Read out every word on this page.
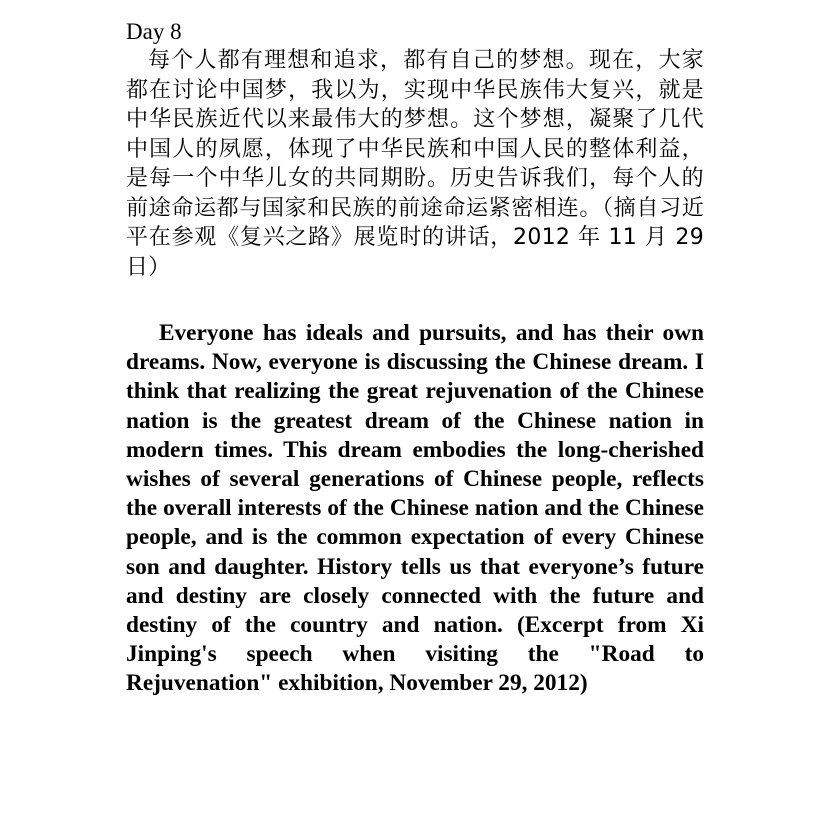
Day 8

每个人都有理想和追求，都有自己的梦想。现在，大家都在讨论中国梦，我以为，实现中华民族伟大复兴，就是中华民族近代以来最伟大的梦想。这个梦想，凝聚了几代中国人的夙愿，体现了中华民族和中国人民的整体利益，是每一个中华儿女的共同期盼。历史告诉我们，每个人的前途命运都与国家和民族的前途命运紧密相连。（摘自习近平在参观《复兴之路》展览时的讲话，2012 年 11 月 29 日）

Everyone has ideals and pursuits, and has their own dreams. Now, everyone is discussing the Chinese dream. I think that realizing the great rejuvenation of the Chinese nation is the greatest dream of the Chinese nation in modern times. This dream embodies the long-cherished wishes of several generations of Chinese people, reflects the overall interests of the Chinese nation and the Chinese people, and is the common expectation of every Chinese son and daughter. History tells us that everyone’s future and destiny are closely connected with the future and destiny of the country and nation. (Excerpt from Xi Jinping's speech when visiting the "Road to Rejuvenation" exhibition, November 29, 2012)
